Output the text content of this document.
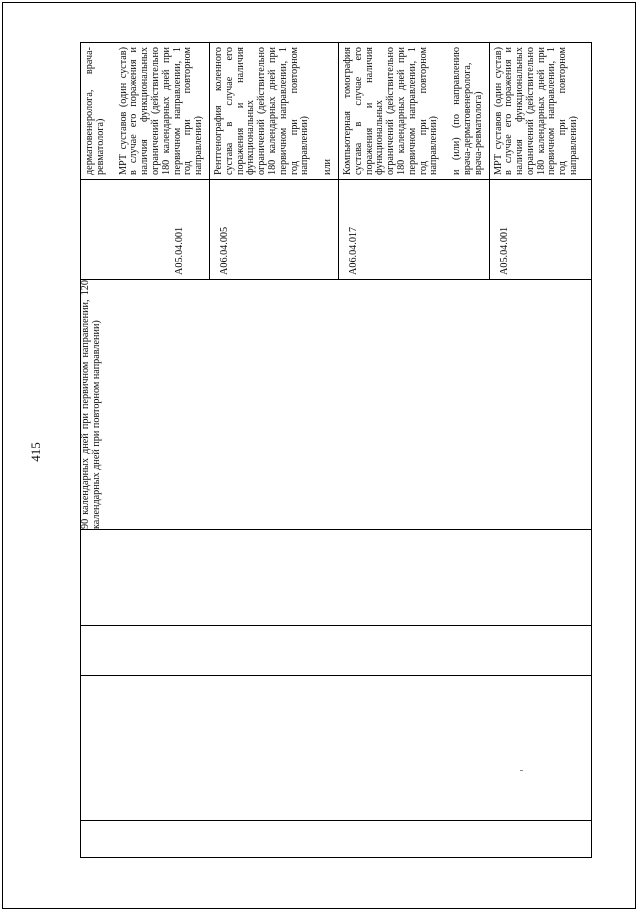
415

				90 календарных дней при первичном направлении, 120 календарных дней при повторном направлении)	A05.04.001	дерматовенеролога, врача-ревматолога) МРТ суставов (один сустав) в случае его поражения и наличия функциональных ограничений (действительно 180 календарных дней при первичном направлении, 1 год при повторном направлении)

					A06.04.005	Рентгенография коленного сустава в случае его поражения и наличия функциональных ограничений (действительно 180 календарных дней при первичном направлении, 1 год при повторном направлении) или

					A06.04.017	Компьютерная томография сустава в случае его поражения и наличия функциональных ограничений (действительно 180 календарных дней при первичном направлении, 1 год при повторном направлении) и (или) (по направлению врача-дерматовенеролога, врача-ревматолога)

					A05.04.001	МРТ суставов (один сустав) в случае его поражения и наличия функциональных ограничений (действительно 180 календарных дней при первичном направлении, 1 год при повторном направлении)
